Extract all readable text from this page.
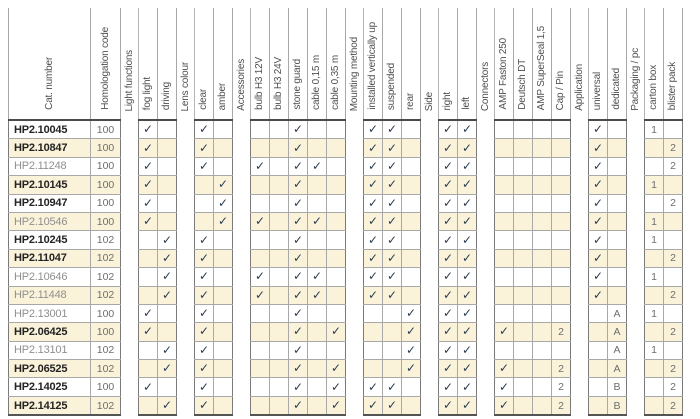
Cat. number	Homologation code	Light functions	fog light	driving	Lens colour	clear	amber	Accessories	bulb H3 12V	bulb H3 24V	stone guard	cable 0,15 m	cable 0,35 m	Mounting method	installed vertically up	suspended	rear	Side	right	left	Connectors	AMP Faston 250	Deutsch DT	AMP SuperSeal 1,5	Cap / Pin	Application	universal	dedicated	Packaging / pc	carton box	blister pack
HP2.10045	100		✓			✓					✓				✓	✓			✓	✓							✓			1	
HP2.10847	100		✓			✓					✓				✓	✓			✓	✓							✓				2
HP2.11248	100		✓			✓			✓		✓	✓			✓	✓			✓	✓							✓				2
HP2.10145	100		✓				✓				✓				✓	✓			✓	✓							✓			1	
HP2.10947	100		✓				✓				✓				✓	✓			✓	✓							✓				2
HP2.10546	100		✓				✓		✓		✓	✓			✓	✓			✓	✓							✓			1	
HP2.10245	102			✓		✓					✓				✓	✓			✓	✓							✓			1	
HP2.11047	102			✓		✓					✓				✓	✓			✓	✓							✓				2
HP2.10646	102			✓		✓			✓		✓	✓			✓	✓			✓	✓							✓			1	
HP2.11448	102			✓		✓			✓		✓	✓			✓	✓			✓	✓							✓				2
HP2.13001	100		✓			✓					✓						✓		✓	✓								A		1	
HP2.06425	100		✓			✓					✓		✓				✓		✓	✓		✓			2			A			2
HP2.13101	102			✓		✓					✓						✓		✓	✓								A		1	
HP2.06525	102			✓		✓					✓		✓				✓		✓	✓		✓			2			A			2
HP2.14025	100		✓			✓					✓		✓		✓	✓			✓	✓		✓			2			B			2
HP2.14125	102			✓		✓					✓		✓		✓	✓			✓	✓		✓			2			B			2
